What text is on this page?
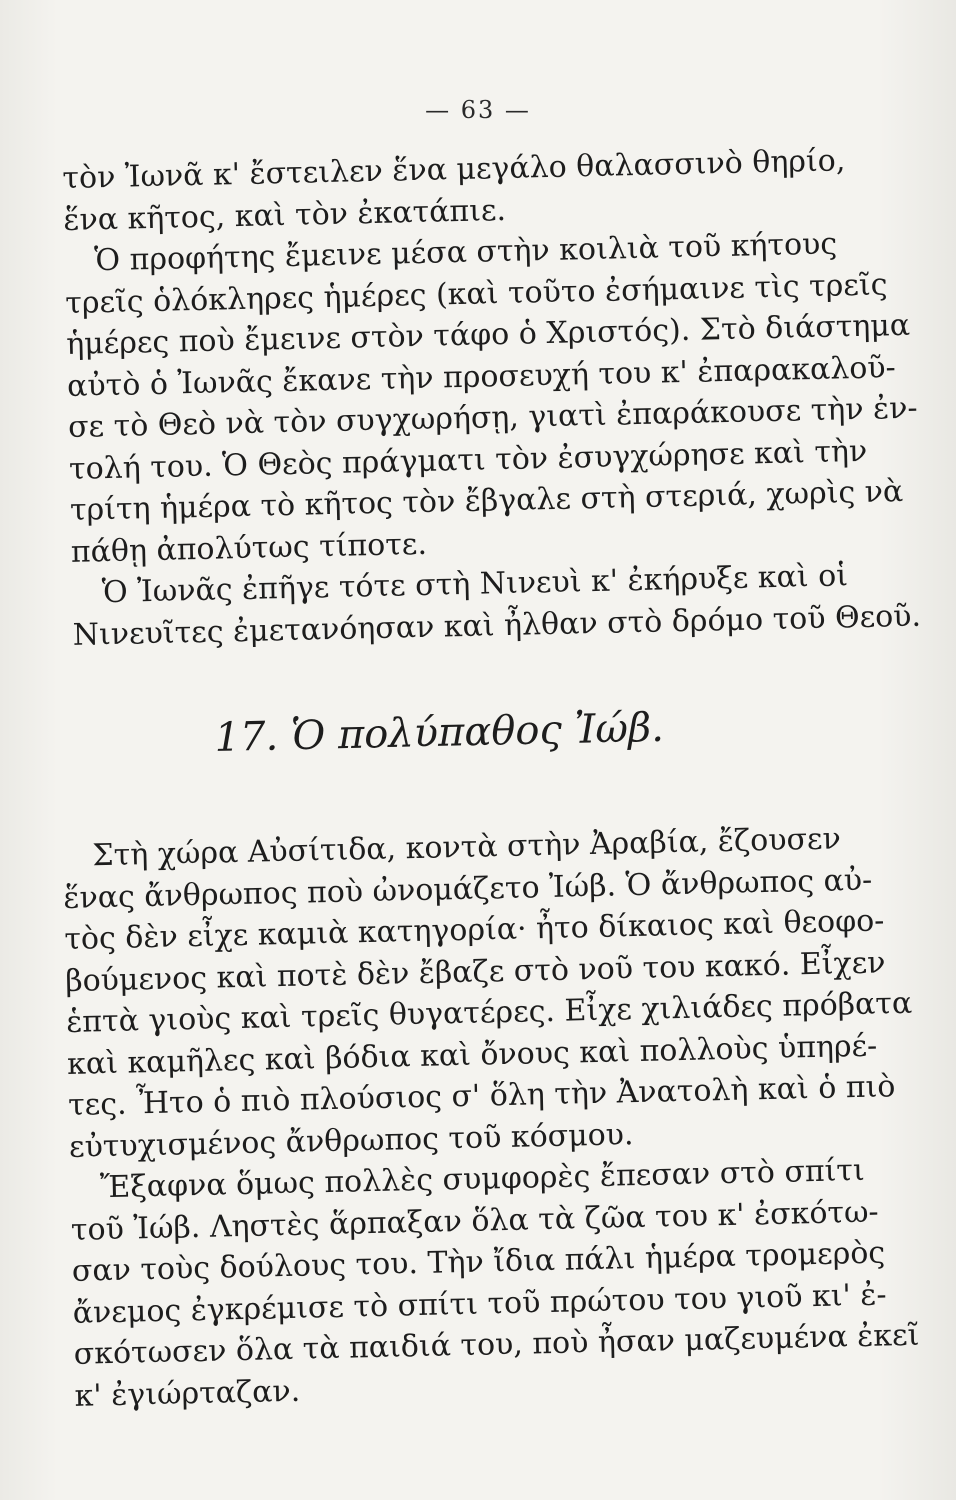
— 63 —
τὸν Ἰωνᾶ κ' ἔστειλεν ἕνα μεγάλο θαλασσινὸ θηρίο,
ἕνα κῆτος, καὶ τὸν ἐκατάπιε.
Ὁ προφήτης ἔμεινε μέσα στὴν κοιλιὰ τοῦ κήτους
τρεῖς ὁλόκληρες ἡμέρες (καὶ τοῦτο ἐσήμαινε τὶς τρεῖς
ἡμέρες ποὺ ἔμεινε στὸν τάφο ὁ Χριστός). Στὸ διάστημα
αὐτὸ ὁ Ἰωνᾶς ἔκανε τὴν προσευχή του κ' ἐπαρακαλοῦ-
σε τὸ Θεὸ νὰ τὸν συγχωρήσῃ, γιατὶ ἐπαράκουσε τὴν ἐν-
τολή του. Ὁ Θεὸς πράγματι τὸν ἐσυγχώρησε καὶ τὴν
τρίτη ἡμέρα τὸ κῆτος τὸν ἔβγαλε στὴ στεριά, χωρὶς νὰ
πάθῃ ἀπολύτως τίποτε.
Ὁ Ἰωνᾶς ἐπῆγε τότε στὴ Νινευὶ κ' ἐκήρυξε καὶ οἱ
Νινευῖτες ἐμετανόησαν καὶ ἦλθαν στὸ δρόμο τοῦ Θεοῦ.
17. Ὁ πολύπαθος Ἰώβ.
Στὴ χώρα Αὐσίτιδα, κοντὰ στὴν Ἀραβία, ἔζουσεν
ἕνας ἄνθρωπος ποὺ ὠνομάζετο Ἰώβ. Ὁ ἄνθρωπος αὐ-
τὸς δὲν εἶχε καμιὰ κατηγορία· ἦτο δίκαιος καὶ θεοφο-
βούμενος καὶ ποτὲ δὲν ἔβαζε στὸ νοῦ του κακό. Εἶχεν
ἑπτὰ γιοὺς καὶ τρεῖς θυγατέρες. Εἶχε χιλιάδες πρόβατα
καὶ καμῆλες καὶ βόδια καὶ ὄνους καὶ πολλοὺς ὑπηρέ-
τες. Ἦτο ὁ πιὸ πλούσιος σ' ὅλη τὴν Ἀνατολὴ καὶ ὁ πιὸ
εὐτυχισμένος ἄνθρωπος τοῦ κόσμου.
Ἔξαφνα ὅμως πολλὲς συμφορὲς ἔπεσαν στὸ σπίτι
τοῦ Ἰώβ. Ληστὲς ἅρπαξαν ὅλα τὰ ζῶα του κ' ἐσκότω-
σαν τοὺς δούλους του. Τὴν ἴδια πάλι ἡμέρα τρομερὸς
ἄνεμος ἐγκρέμισε τὸ σπίτι τοῦ πρώτου του γιοῦ κι' ἐ-
σκότωσεν ὅλα τὰ παιδιά του, ποὺ ἦσαν μαζευμένα ἐκεῖ
κ' ἐγιώρταζαν.
